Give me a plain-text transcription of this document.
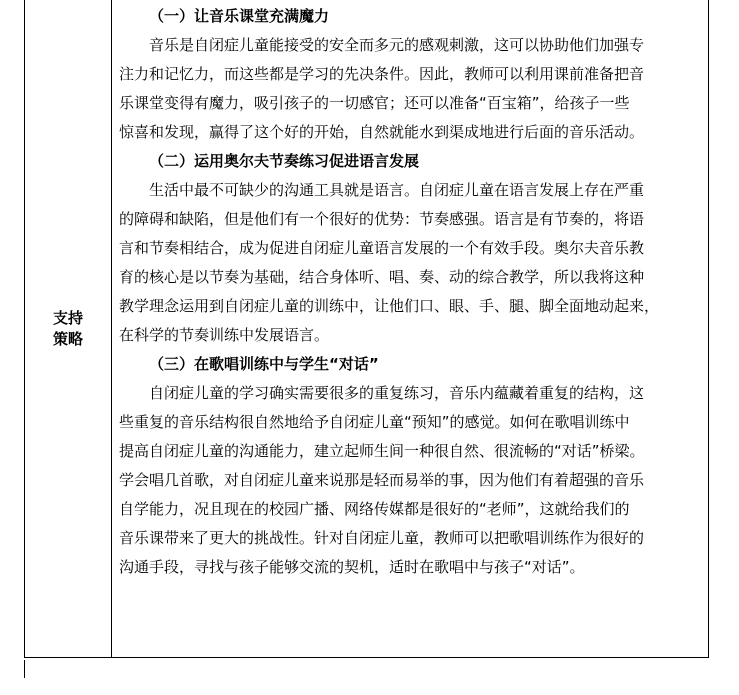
支持
策略

（一）让音乐课堂充满魔力

音乐是自闭症儿童能接受的安全而多元的感观刺激，这可以协助他们加强专

注力和记忆力，而这些都是学习的先决条件。因此，教师可以利用课前准备把音

乐课堂变得有魔力，吸引孩子的一切感官；还可以准备“百宝箱”，给孩子一些

惊喜和发现，赢得了这个好的开始，自然就能水到渠成地进行后面的音乐活动。

（二）运用奥尔夫节奏练习促进语言发展

生活中最不可缺少的沟通工具就是语言。自闭症儿童在语言发展上存在严重

的障碍和缺陷，但是他们有一个很好的优势：节奏感强。语言是有节奏的，将语

言和节奏相结合，成为促进自闭症儿童语言发展的一个有效手段。奥尔夫音乐教

育的核心是以节奏为基础，结合身体听、唱、奏、动的综合教学，所以我将这种

教学理念运用到自闭症儿童的训练中，让他们口、眼、手、腿、脚全面地动起来，

在科学的节奏训练中发展语言。

（三）在歌唱训练中与学生“对话”

自闭症儿童的学习确实需要很多的重复练习，音乐内蕴藏着重复的结构，这

些重复的音乐结构很自然地给予自闭症儿童“预知”的感觉。如何在歌唱训练中

提高自闭症儿童的沟通能力，建立起师生间一种很自然、很流畅的“对话”桥梁。

学会唱几首歌，对自闭症儿童来说那是轻而易举的事，因为他们有着超强的音乐

自学能力，况且现在的校园广播、网络传媒都是很好的“老师”，这就给我们的

音乐课带来了更大的挑战性。针对自闭症儿童，教师可以把歌唱训练作为很好的

沟通手段，寻找与孩子能够交流的契机，适时在歌唱中与孩子“对话”。
